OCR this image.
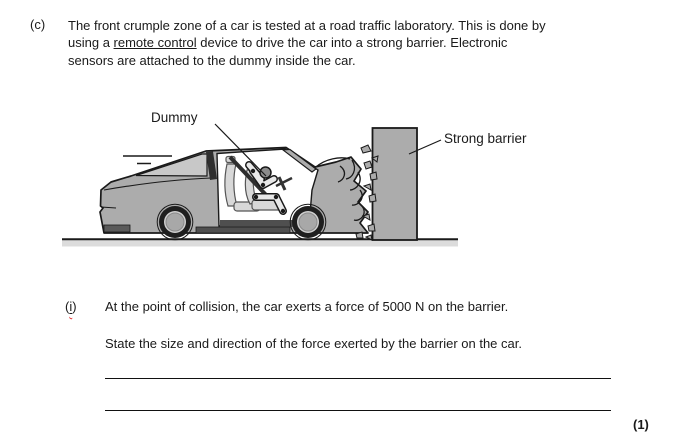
(c) The front crumple zone of a car is tested at a road traffic laboratory. This is done by
using a remote control device to drive the car into a strong barrier. Electronic
sensors are attached to the dummy inside the car.
Dummy
Strong barrier
(i) At the point of collision, the car exerts a force of 5000 N on the barrier.
State the size and direction of the force exerted by the barrier on the car.
(1)
